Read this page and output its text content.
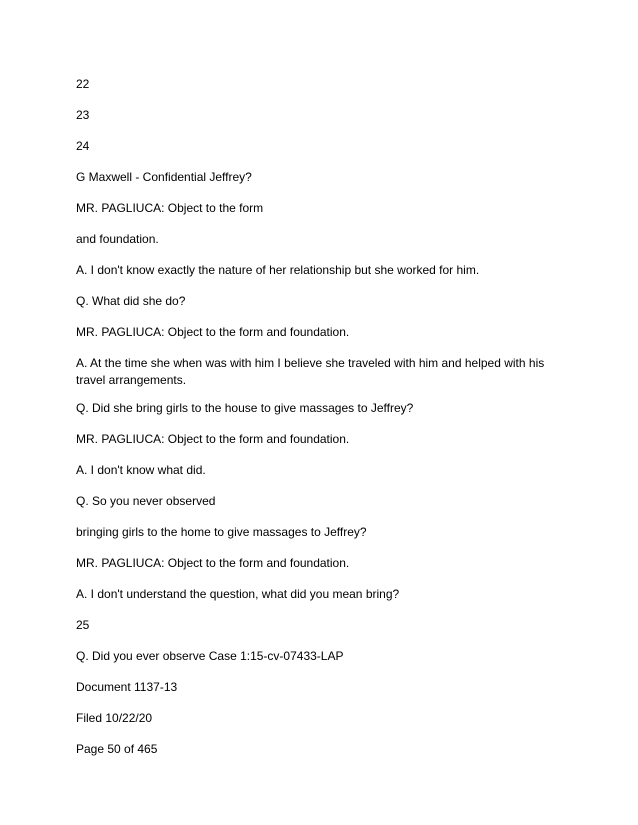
22
23
24
G Maxwell - Confidential Jeffrey?
MR. PAGLIUCA: Object to the form
and foundation.
A. I don't know exactly the nature of her relationship but she worked for him.
Q. What did she do?
MR. PAGLIUCA: Object to the form and foundation.
A. At the time she when was with him I believe she traveled with him and helped with his travel arrangements.
Q. Did she bring girls to the house to give massages to Jeffrey?
MR. PAGLIUCA: Object to the form and foundation.
A. I don't know what did.
Q. So you never observed
bringing girls to the home to give massages to Jeffrey?
MR. PAGLIUCA: Object to the form and foundation.
A. I don't understand the question, what did you mean bring?
25
Q. Did you ever observe Case 1:15-cv-07433-LAP
Document 1137-13
Filed 10/22/20
Page 50 of 465
